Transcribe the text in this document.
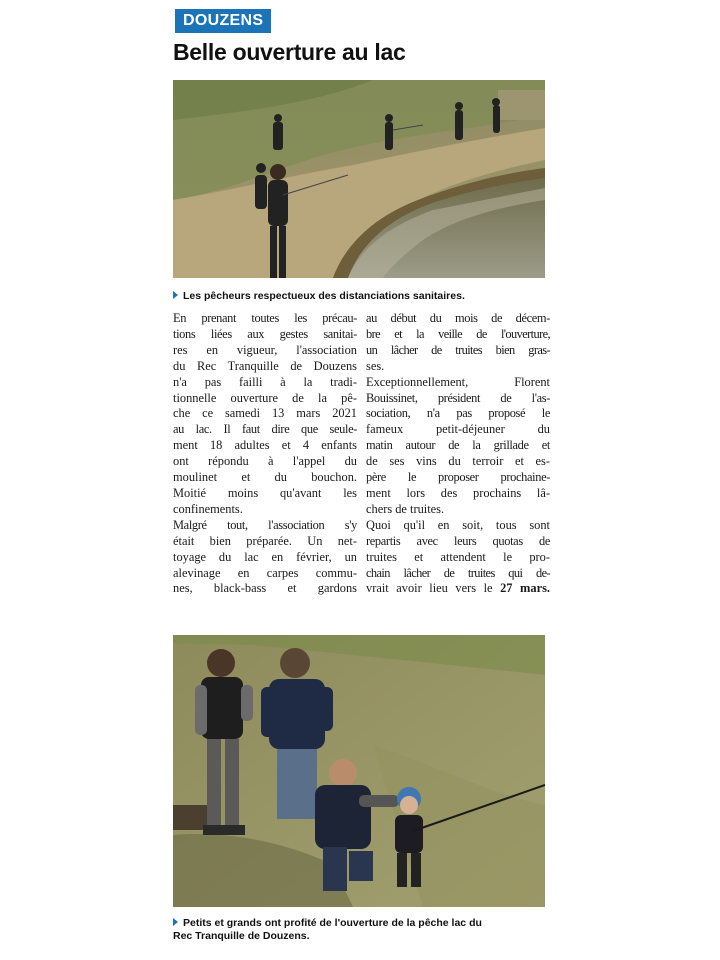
DOUZENS
Belle ouverture au lac
Les pêcheurs respectueux des distanciations sanitaires.
En prenant toutes les précau-
tions liées aux gestes sanitai-
res en vigueur, l'association
du Rec Tranquille de Douzens
n'a pas failli à la tradi-
tionnelle ouverture de la pê-
che ce samedi 13 mars 2021
au lac. Il faut dire que seule-
ment 18 adultes et 4 enfants
ont répondu à l'appel du
moulinet et du bouchon.
Moitié moins qu'avant les
confinements.
Malgré tout, l'association s'y
était bien préparée. Un net-
toyage du lac en février, un
alevinage en carpes commu-
nes, black-bass et gardons
au début du mois de décem-
bre et la veille de l'ouverture,
un lâcher de truites bien gras-
ses.
Exceptionnellement, Florent
Bouissinet, président de l'as-
sociation, n'a pas proposé le
fameux petit-déjeuner du
matin autour de la grillade et
de ses vins du terroir et es-
père le proposer prochaine-
ment lors des prochains lâ-
chers de truites.
Quoi qu'il en soit, tous sont
repartis avec leurs quotas de
truites et attendent le pro-
chain lâcher de truites qui de-
vrait avoir lieu vers le 27 mars.
Petits et grands ont profité de l'ouverture de la pêche lac du
Rec Tranquille de Douzens.
